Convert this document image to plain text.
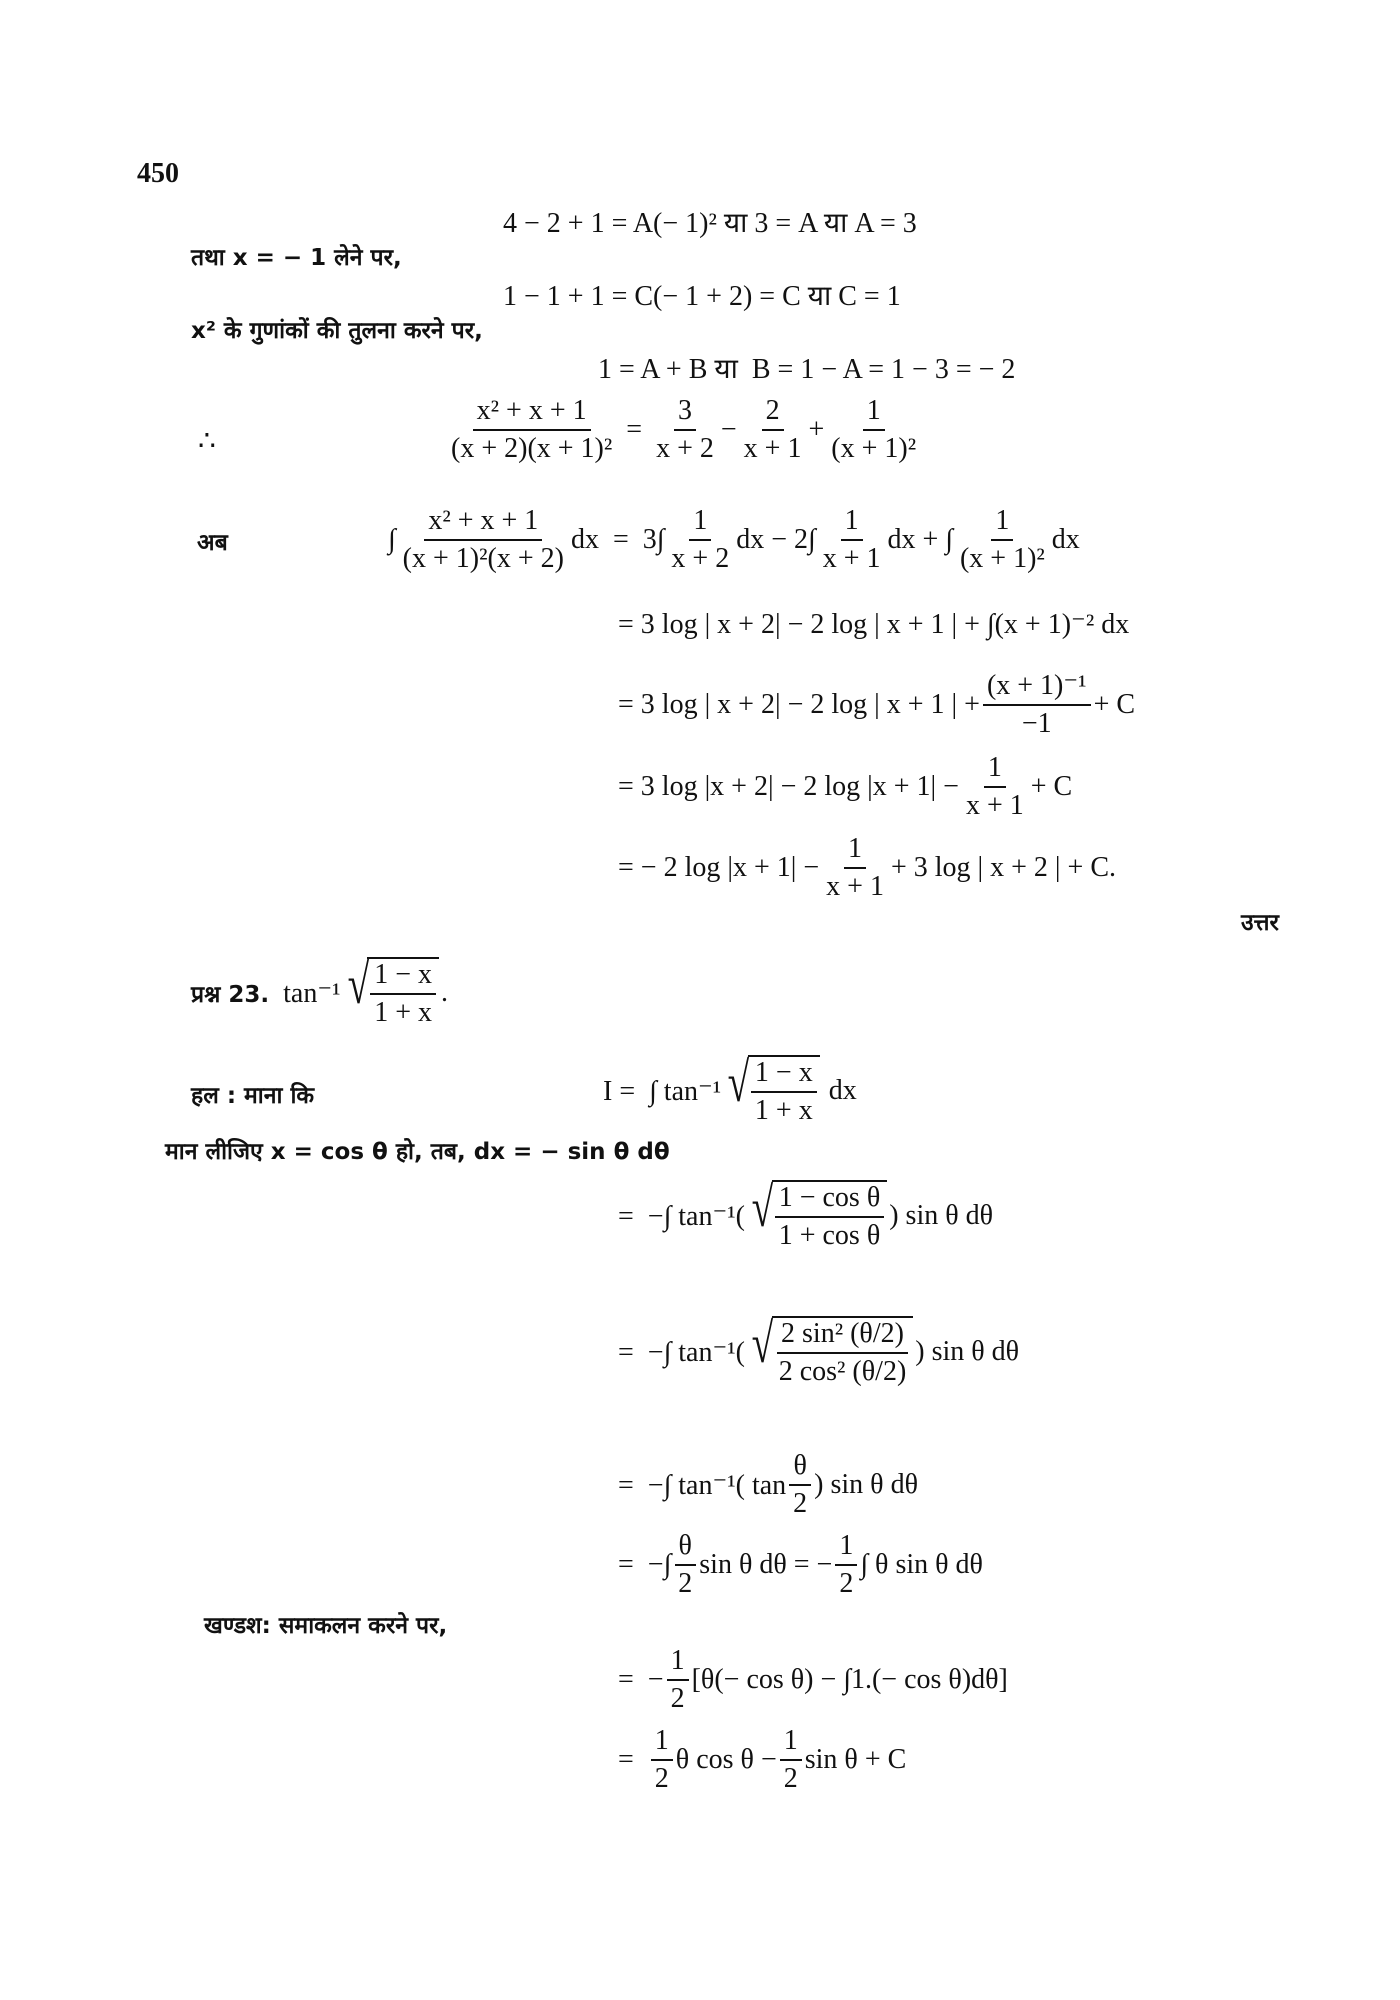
450
उत्तर
4 − 2 + 1 = A(− 1)² या 3 = A या A = 3
तथा x = − 1 लेने पर,
1 − 1 + 1 = C(− 1 + 2) = C या C = 1
x² के गुणांकों की तुलना करने पर,
1 = A + B या  B = 1 − A = 1 − 3 = − 2
∴	$\frac{\text{x² + x + 1}}{\text{(x + 2)(x + 1)²}} = \frac{3}{x + 2} - \frac{2}{x + 1} + \frac{1}{\text{(x + 1)²}}$
अब	∫ $\frac{\text{x² + x + 1}}{\text{(x + 1)²(x + 2)}}$ dx  =  $3\int \frac{1}{x + 2}$ dx − $2\int \frac{1}{x + 1}$ dx + ∫ $\frac{1}{\text{(x + 1)²}}$ dx
= 3 log | x + 2| − 2 log | x + 1 | + ∫(x + 1)⁻² dx
= 3 log | x + 2| − 2 log | x + 1 | + $\frac{\text{(x + 1)⁻¹}}{-1} + C$
= 3 log |x + 2| − 2 $\log |x + 1| - \frac{1}{x + 1} + C$
= − 2 $\log |x + 1| - \frac{1}{x + 1} + 3$ log | x + 2 | + C.
प्रश्न 23. tan⁻¹ √ $\frac{1 - x}{1 + x}$ .
हल : माना कि	I =  ∫ tan⁻¹ √ $\frac{1 - x}{1 + x}$ dx
मान लीजिए x = cos θ हो, तब, dx = − sin θ dθ
=  −∫ tan⁻¹( √ $\frac{\text{1 − cos θ}}{\text{1 + cos θ}}$ ) sin θ dθ
=  −∫ tan⁻¹( √ $\frac{\text{2 sin² (θ/2)}}{\text{2 cos² (θ/2)}}$ ) sin θ dθ
=  −∫ tan⁻¹( $\tan \frac{\theta}{2}$ ) sin θ dθ
=  −∫ $\frac{\theta}{2}$ sin θ dθ = − $\frac{1}{2}$ ∫ θ sin θ dθ
खण्डश: समाकलन करने पर,
=  − $\frac{1}{2} [\theta(- \cos \theta) - \int 1.(- \cos \theta)d\theta]$
= $\frac{1}{2}$ θ $\cos \theta - \frac{1}{2}$ sin θ + C
